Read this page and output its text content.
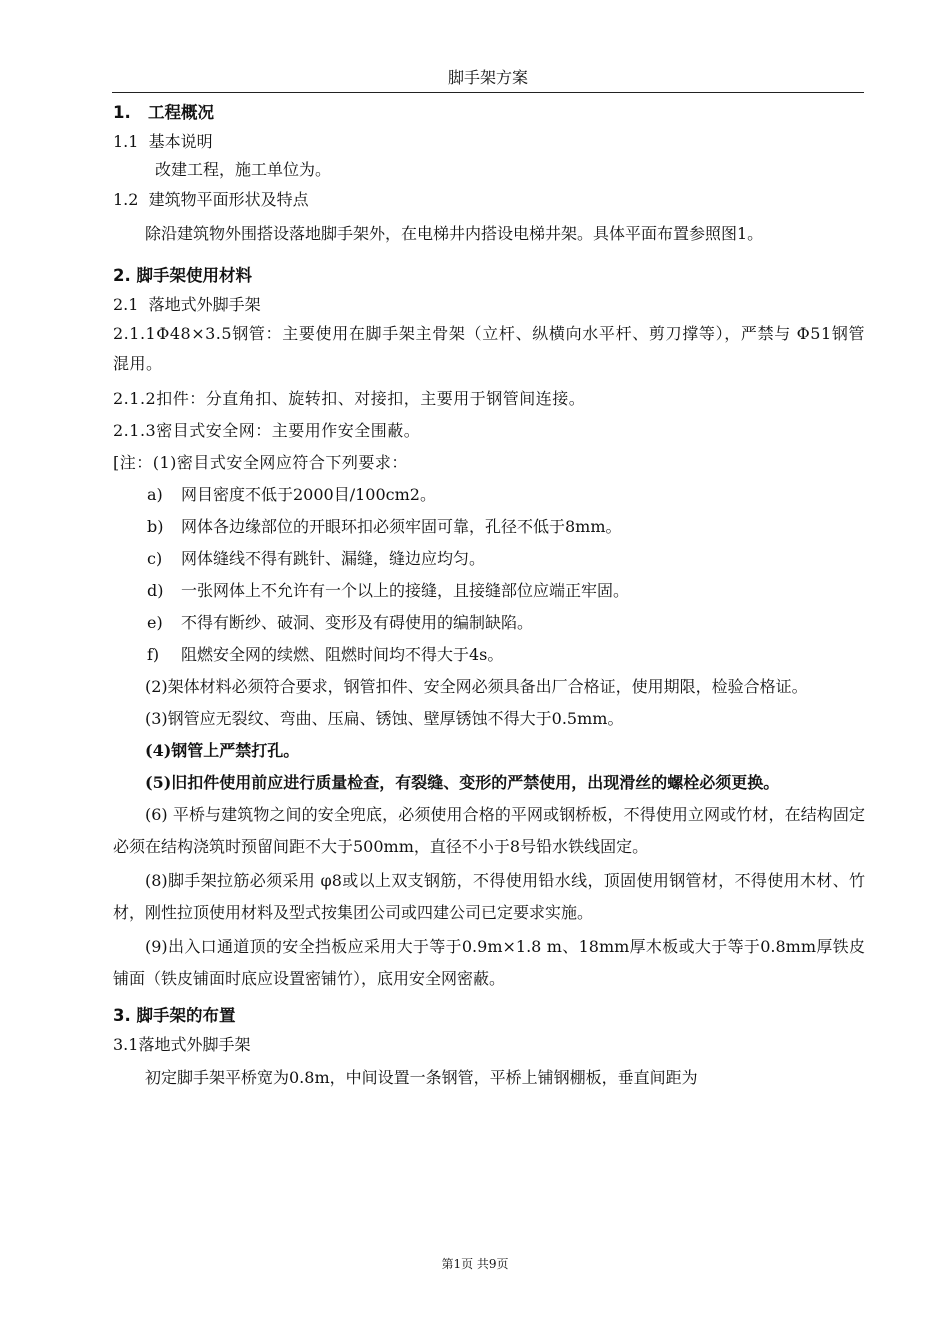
脚手架方案

1.   工程概况

1.1  基本说明

改建工程，施工单位为。

1.2  建筑物平面形状及特点

除沿建筑物外围搭设落地脚手架外，在电梯井内搭设电梯井架。具体平面布置参照图1。

2. 脚手架使用材料

2.1  落地式外脚手架

2.1.1Φ48×3.5钢管：主要使用在脚手架主骨架（立杆、纵横向水平杆、剪刀撑等），严禁与 Φ51钢管混用。

2.1.2扣件：分直角扣、旋转扣、对接扣，主要用于钢管间连接。

2.1.3密目式安全网：主要用作安全围蔽。

[注：(1)密目式安全网应符合下列要求：

a) 网目密度不低于2000目/100cm2。

b) 网体各边缘部位的开眼环扣必须牢固可靠，孔径不低于8mm。

c) 网体缝线不得有跳针、漏缝，缝边应均匀。

d) 一张网体上不允许有一个以上的接缝，且接缝部位应端正牢固。

e) 不得有断纱、破洞、变形及有碍使用的编制缺陷。

f) 阻燃安全网的续燃、阻燃时间均不得大于4s。

(2)架体材料必须符合要求，钢管扣件、安全网必须具备出厂合格证，使用期限，检验合格证。

(3)钢管应无裂纹、弯曲、压扁、锈蚀、壁厚锈蚀不得大于0.5mm。

(4)钢管上严禁打孔。

(5)旧扣件使用前应进行质量检查，有裂缝、变形的严禁使用，出现滑丝的螺栓必须更换。

(6) 平桥与建筑物之间的安全兜底，必须使用合格的平网或钢桥板，不得使用立网或竹材，在结构固定必须在结构浇筑时预留间距不大于500mm，直径不小于8号铅水铁线固定。

(8)脚手架拉筋必须采用 φ8或以上双支钢筋，不得使用铅水线，顶固使用钢管材，不得使用木材、竹材，刚性拉顶使用材料及型式按集团公司或四建公司已定要求实施。

(9)出入口通道顶的安全挡板应采用大于等于0.9m×1.8 m、18mm厚木板或大于等于0.8mm厚铁皮铺面（铁皮铺面时底应设置密铺竹），底用安全网密蔽。

3. 脚手架的布置

3.1落地式外脚手架

初定脚手架平桥宽为0.8m，中间设置一条钢管，平桥上铺钢棚板，垂直间距为

第1页 共9页
